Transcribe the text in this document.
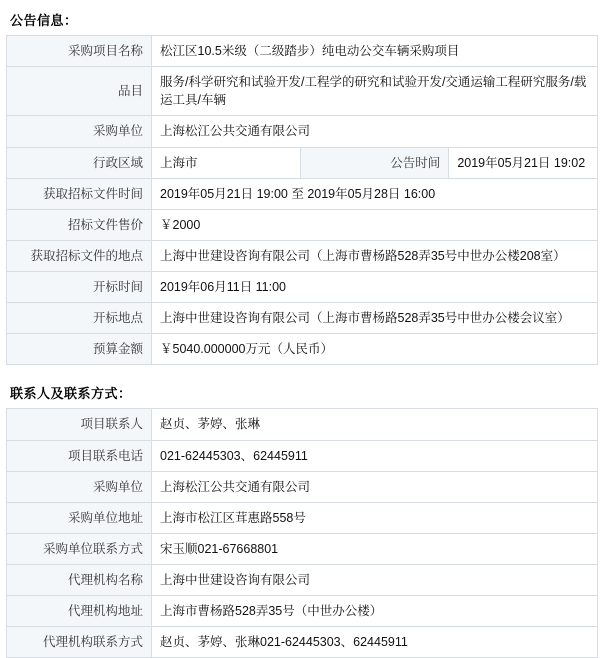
公告信息：
采购项目名称	松江区10.5米级（二级踏步）纯电动公交车辆采购项目		
品目	服务/科学研究和试验开发/工程学的研究和试验开发/交通运输工程研究服务/载运工具/车辆		
采购单位	上海松江公共交通有限公司		
行政区域	上海市	公告时间	2019年05月21日 19:02
获取招标文件时间	2019年05月21日 19:00 至 2019年05月28日 16:00		
招标文件售价	￥2000		
获取招标文件的地点	上海中世建设咨询有限公司（上海市曹杨路528弄35号中世办公楼208室）		
开标时间	2019年06月11日 11:00		
开标地点	上海中世建设咨询有限公司（上海市曹杨路528弄35号中世办公楼会议室）		
预算金额	￥5040.000000万元（人民币）		
联系人及联系方式：
项目联系人	赵贞、茅婷、张琳
项目联系电话	021-62445303、62445911
采购单位	上海松江公共交通有限公司
采购单位地址	上海市松江区茸惠路558号
采购单位联系方式	宋玉顺021-67668801
代理机构名称	上海中世建设咨询有限公司
代理机构地址	上海市曹杨路528弄35号（中世办公楼）
代理机构联系方式	赵贞、茅婷、张琳021-62445303、62445911
